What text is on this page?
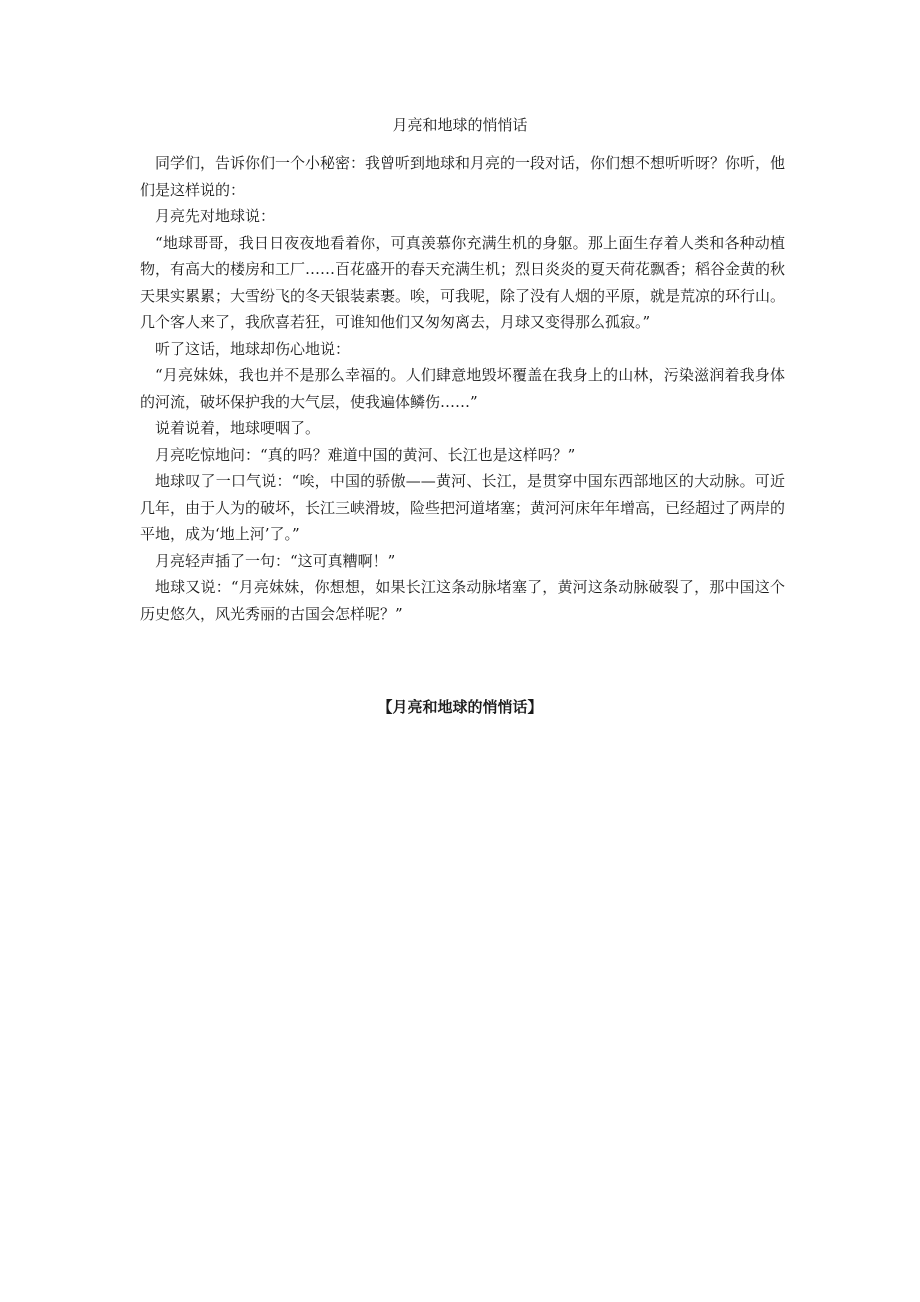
月亮和地球的悄悄话

同学们，告诉你们一个小秘密：我曾听到地球和月亮的一段对话，你们想不想听听呀？你听，他们是这样说的：

月亮先对地球说：

“地球哥哥，我日日夜夜地看着你，可真羡慕你充满生机的身躯。那上面生存着人类和各种动植物，有高大的楼房和工厂……百花盛开的春天充满生机；烈日炎炎的夏天荷花飘香；稻谷金黄的秋天果实累累；大雪纷飞的冬天银装素裹。唉，可我呢，除了没有人烟的平原，就是荒凉的环行山。几个客人来了，我欣喜若狂，可谁知他们又匆匆离去，月球又变得那么孤寂。”

听了这话，地球却伤心地说：

“月亮妹妹，我也并不是那么幸福的。人们肆意地毁坏覆盖在我身上的山林，污染滋润着我身体的河流，破坏保护我的大气层，使我遍体鳞伤……”

说着说着，地球哽咽了。

月亮吃惊地问：“真的吗？难道中国的黄河、长江也是这样吗？”

地球叹了一口气说：“唉，中国的骄傲——黄河、长江，是贯穿中国东西部地区的大动脉。可近几年，由于人为的破坏，长江三峡滑坡，险些把河道堵塞；黄河河床年年增高，已经超过了两岸的平地，成为‘地上河’了。”

月亮轻声插了一句：“这可真糟啊！”

地球又说：“月亮妹妹，你想想，如果长江这条动脉堵塞了，黄河这条动脉破裂了，那中国这个历史悠久，风光秀丽的古国会怎样呢？”

【月亮和地球的悄悄话】
